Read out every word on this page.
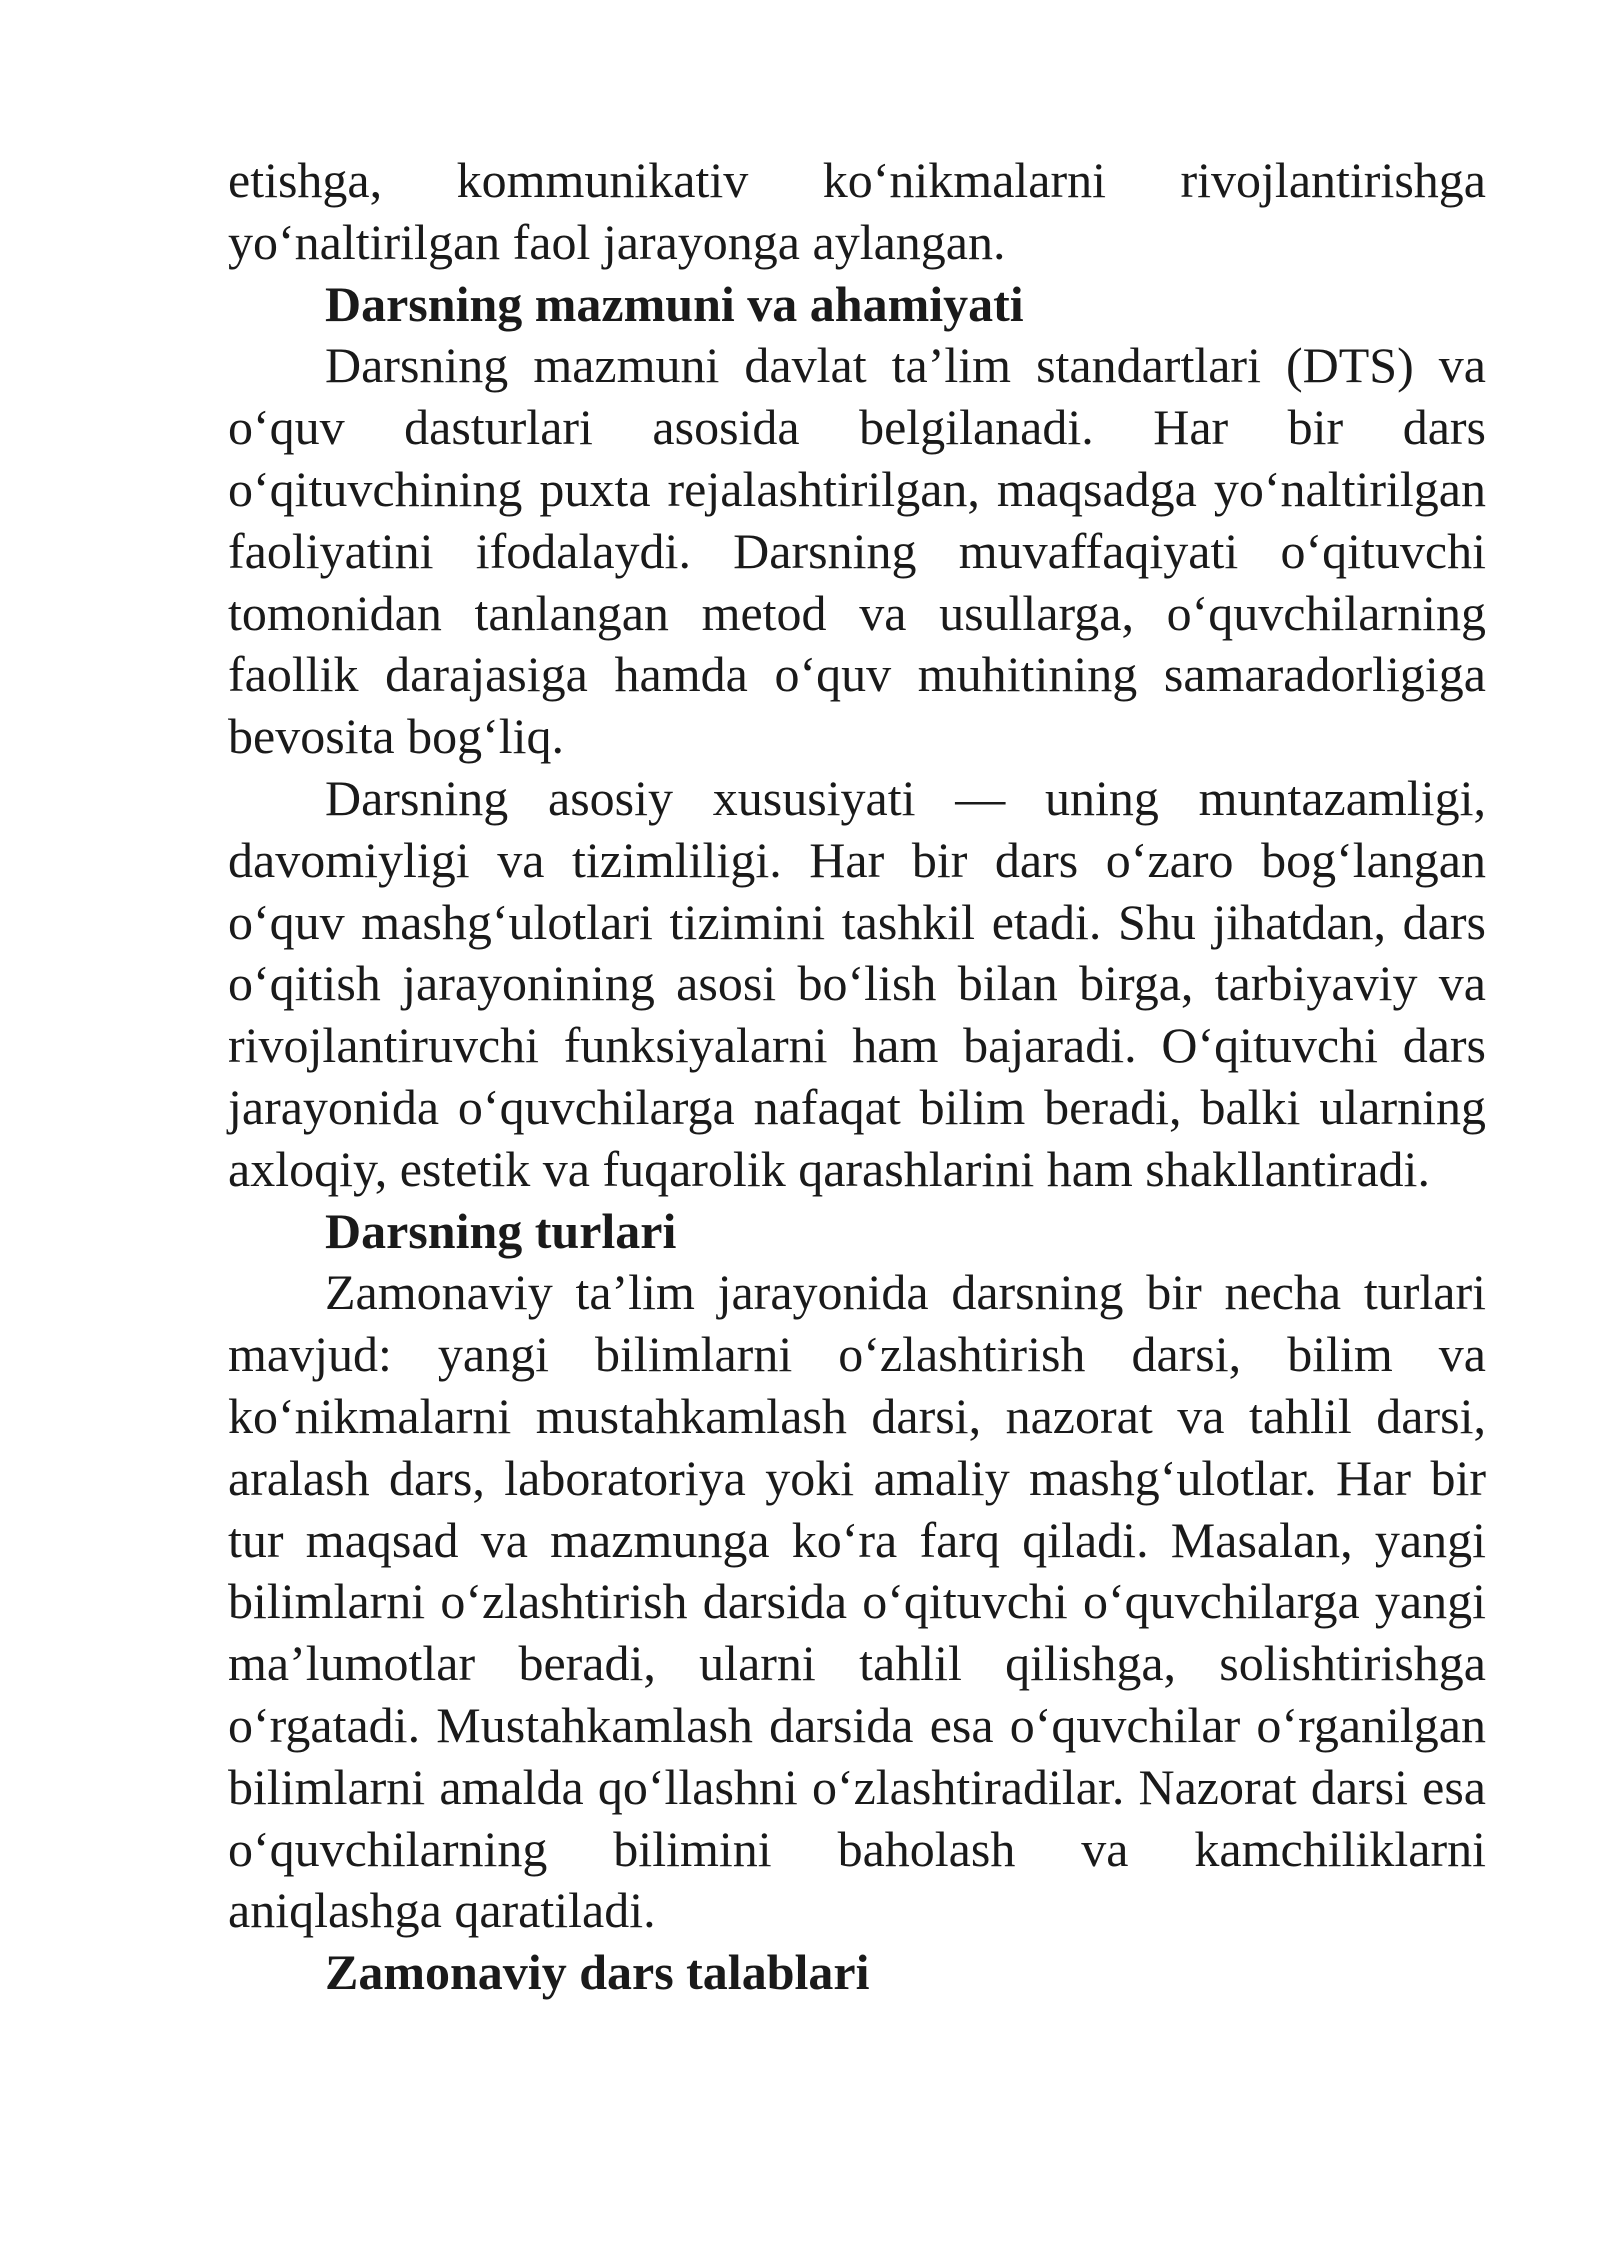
etishga, kommunikativ ko‘nikmalarni rivojlantirishga yo‘naltirilgan faol jarayonga aylangan.

Darsning mazmuni va ahamiyati

Darsning mazmuni davlat ta’lim standartlari (DTS) va o‘quv dasturlari asosida belgilanadi. Har bir dars o‘qituvchining puxta rejalashtirilgan, maqsadga yo‘naltirilgan faoliyatini ifodalaydi. Darsning muvaffaqiyati o‘qituvchi tomonidan tanlangan metod va usullarga, o‘quvchilarning faollik darajasiga hamda o‘quv muhitining samaradorligiga bevosita bog‘liq.

Darsning asosiy xususiyati — uning muntazamligi, davomiyligi va tizimliligi. Har bir dars o‘zaro bog‘langan o‘quv mashg‘ulotlari tizimini tashkil etadi. Shu jihatdan, dars o‘qitish jarayonining asosi bo‘lish bilan birga, tarbiyaviy va rivojlantiruvchi funksiyalarni ham bajaradi. O‘qituvchi dars jarayonida o‘quvchilarga nafaqat bilim beradi, balki ularning axloqiy, estetik va fuqarolik qarashlarini ham shakllantiradi.

Darsning turlari

Zamonaviy ta’lim jarayonida darsning bir necha turlari mavjud: yangi bilimlarni o‘zlashtirish darsi, bilim va ko‘nikmalarni mustahkamlash darsi, nazorat va tahlil darsi, aralash dars, laboratoriya yoki amaliy mashg‘ulotlar. Har bir tur maqsad va mazmunga ko‘ra farq qiladi. Masalan, yangi bilimlarni o‘zlashtirish darsida o‘qituvchi o‘quvchilarga yangi ma’lumotlar beradi, ularni tahlil qilishga, solishtirishga o‘rgatadi. Mustahkamlash darsida esa o‘quvchilar o‘rganilgan bilimlarni amalda qo‘llashni o‘zlashtiradilar. Nazorat darsi esa o‘quvchilarning bilimini baholash va kamchiliklarni aniqlashga qaratiladi.

Zamonaviy dars talablari
